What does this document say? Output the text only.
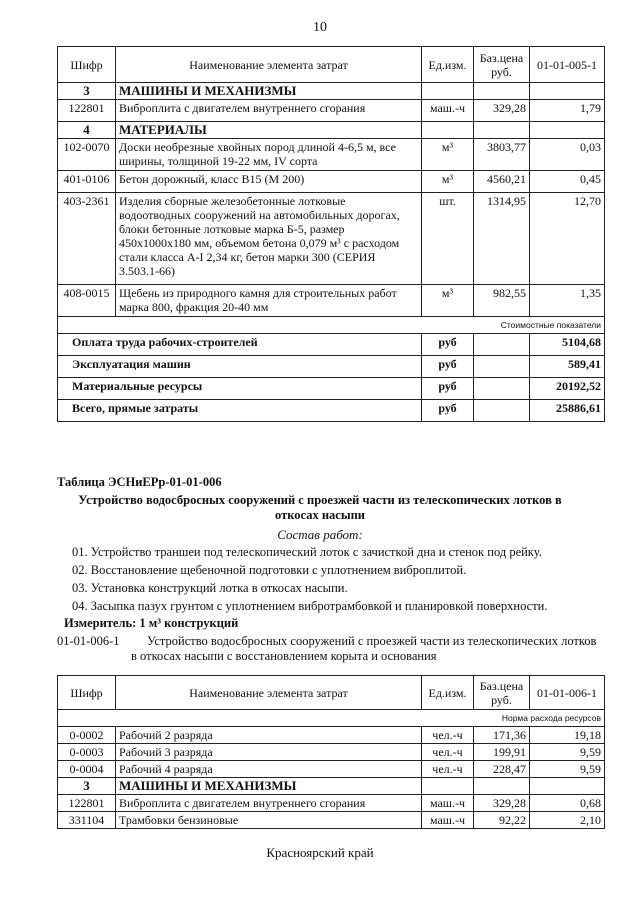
10
Шифр	Наименование элемента затрат	Ед.изм.	Баз.цена руб.	01-01-005-1
3	МАШИНЫ И МЕХАНИЗМЫ			
122801	Виброплита с двигателем внутреннего сгорания	маш.-ч	329,28	1,79
4	МАТЕРИАЛЫ			
102-0070	Доски необрезные хвойных пород длиной 4-6,5 м, все ширины, толщиной 19-22 мм, IV сорта	м³	3803,77	0,03
401-0106	Бетон дорожный, класс B15 (М 200)	м³	4560,21	0,45
403-2361	Изделия сборные железобетонные лотковые водоотводных сооружений на автомобильных дорогах, блоки бетонные лотковые марка Б-5, размер 450x1000x180 мм, объемом бетона 0,079 м³ с расходом стали класса A-I 2,34 кг, бетон марки 300 (СЕРИЯ 3.503.1-66)	шт.	1314,95	12,70
408-0015	Щебень из природного камня для строительных работ марка 800, фракция 20-40 мм	м³	982,55	1,35
Стоимостные показатели				
Оплата труда рабочих-строителей		руб		5104,68
Эксплуатация машин		руб		589,41
Материальные ресурсы		руб		20192,52
Всего, прямые затраты		руб		25886,61
Таблица ЭСНиЕРр-01-01-006
Устройство водосбросных сооружений с проезжей части из телескопических лотков в
откосах насыпи
Состав работ:
01. Устройство траншеи под телескопический лоток с зачисткой дна и стенок под рейку.
02. Восстановление щебеночной подготовки с уплотнением виброплитой.
03. Установка конструкций лотка в откосах насыпи.
04. Засыпка пазух грунтом с уплотнением вибротрамбовкой и планировкой поверхности.
Измеритель: 1 м³ конструкций
01-01-006-1 Устройство водосбросных сооружений с проезжей части из телескопических лотков
в откосах насыпи с восстановлением корыта и основания
Шифр	Наименование элемента затрат	Ед.изм.	Баз.цена руб.	01-01-006-1
Норма расхода ресурсов				
0-0002	Рабочий 2 разряда	чел.-ч	171,36	19,18
0-0003	Рабочий 3 разряда	чел.-ч	199,91	9,59
0-0004	Рабочий 4 разряда	чел.-ч	228,47	9,59
3	МАШИНЫ И МЕХАНИЗМЫ			
122801	Виброплита с двигателем внутреннего сгорания	маш.-ч	329,28	0,68
331104	Трамбовки бензиновые	маш.-ч	92,22	2,10
Красноярский край
